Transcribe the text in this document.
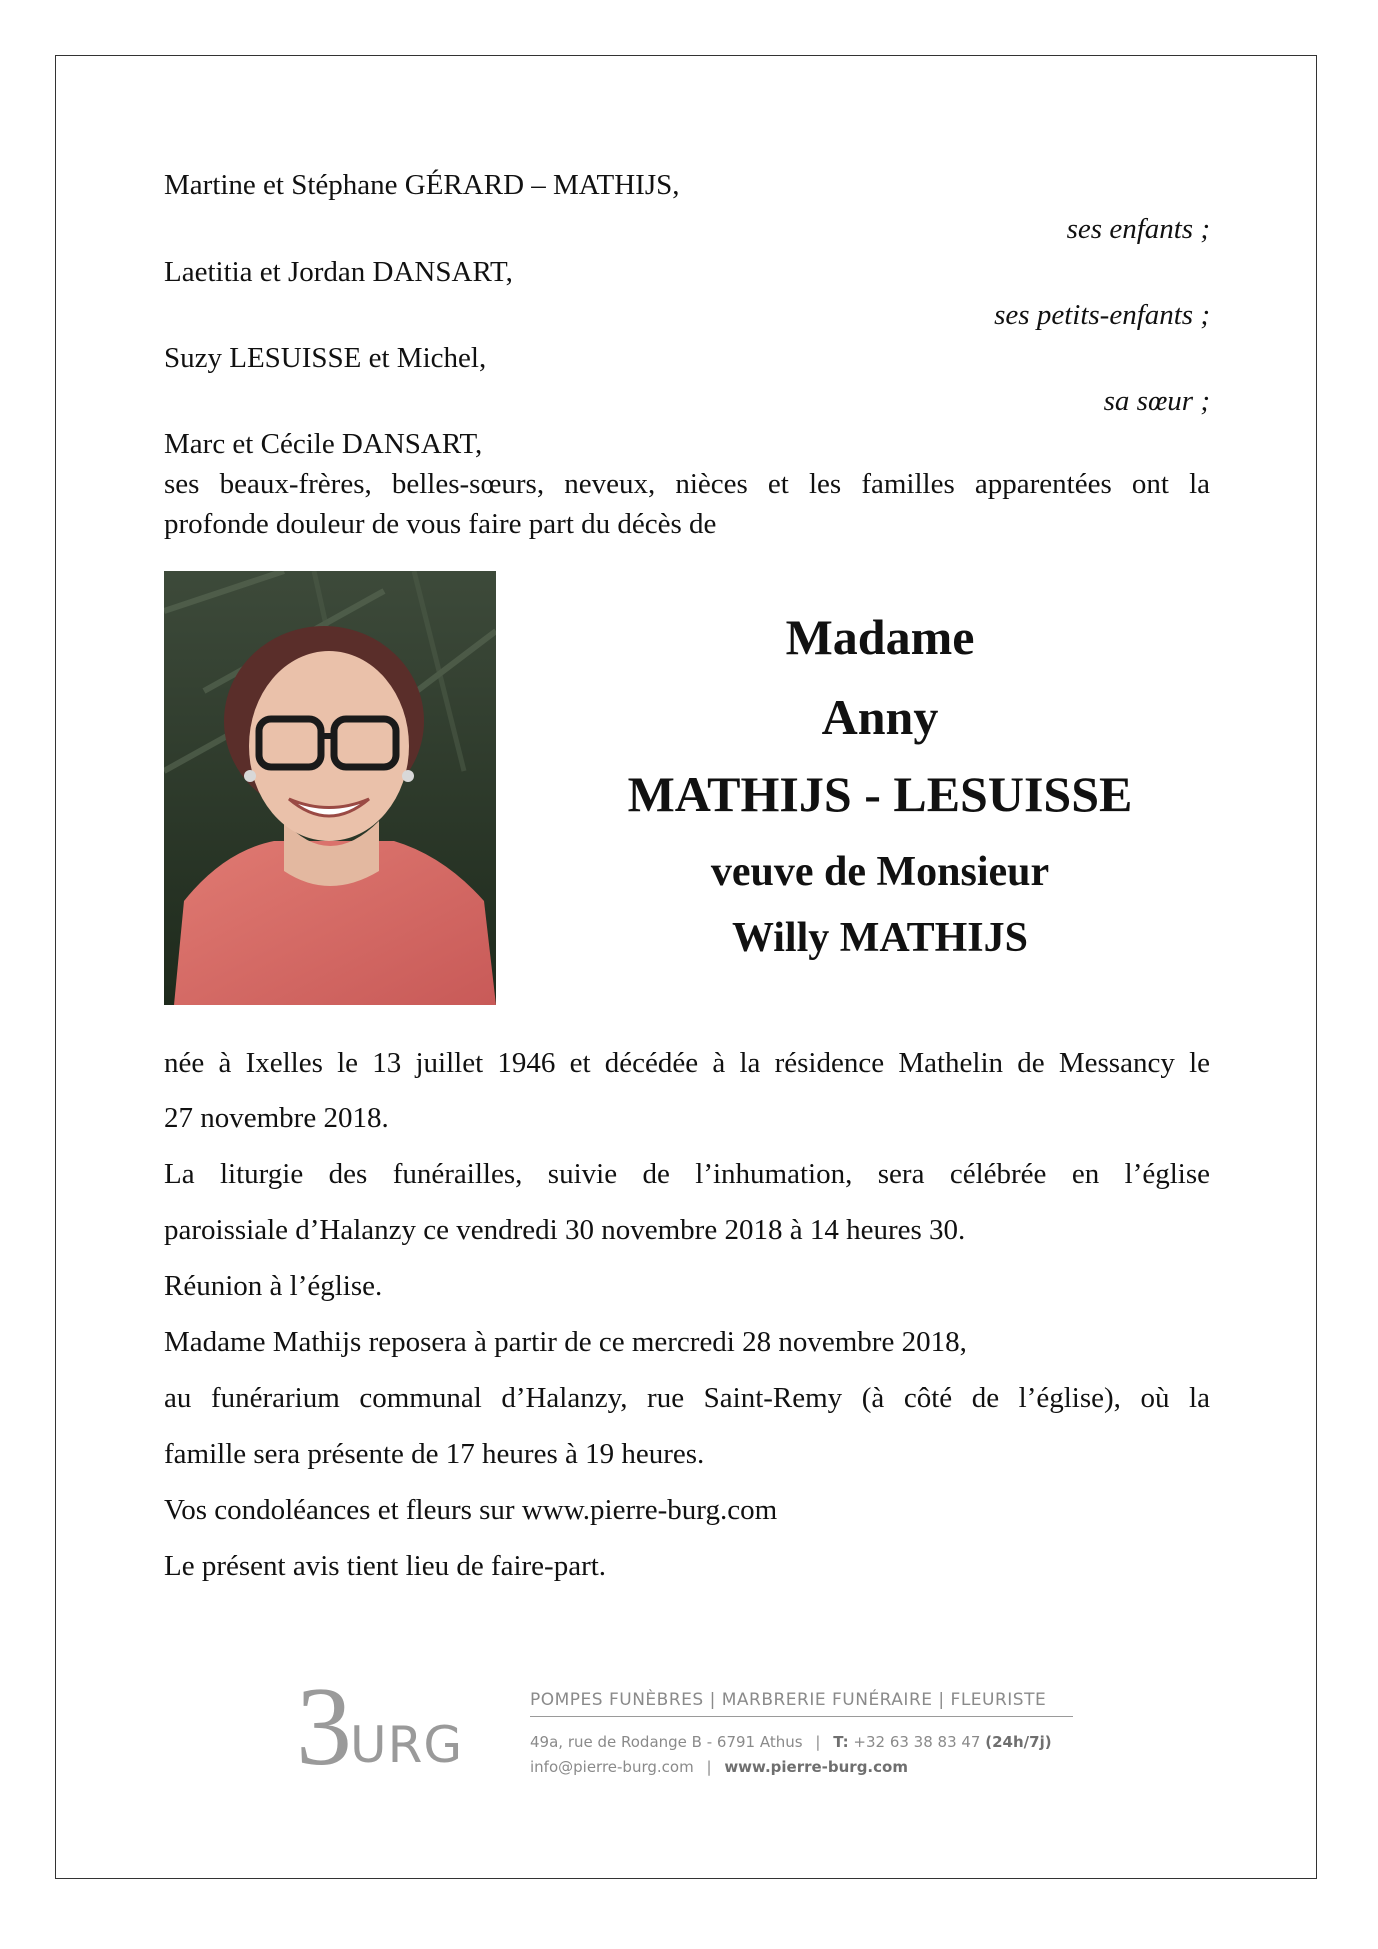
Martine et Stéphane GÉRARD – MATHIJS,
ses enfants ;
Laetitia et Jordan DANSART,
ses petits-enfants ;
Suzy LESUISSE et Michel,
sa sœur ;
Marc et Cécile DANSART,
ses beaux-frères, belles-sœurs, neveux, nièces et les familles apparentées ont la
profonde douleur de vous faire part du décès de
Madame
Anny
MATHIJS - LESUISSE
veuve de Monsieur
Willy MATHIJS
née à Ixelles le 13 juillet 1946 et décédée à la résidence Mathelin de Messancy le
27 novembre 2018.
La liturgie des funérailles, suivie de l’inhumation, sera célébrée en l’église
paroissiale d’Halanzy ce vendredi 30 novembre 2018 à 14 heures 30.
Réunion à l’église.
Madame Mathijs reposera à partir de ce mercredi 28 novembre 2018,
au funérarium communal d’Halanzy, rue Saint-Remy (à côté de l’église), où la
famille sera présente de 17 heures à 19 heures.
Vos condoléances et fleurs sur www.pierre-burg.com
Le présent avis tient lieu de faire-part.
3
URG
POMPES FUNÈBRES | MARBRERIE FUNÉRAIRE | FLEURISTE
49a, rue de Rodange B - 6791 Athus | T: +32 63 38 83 47 (24h/7j)
info@pierre-burg.com | www.pierre-burg.com
